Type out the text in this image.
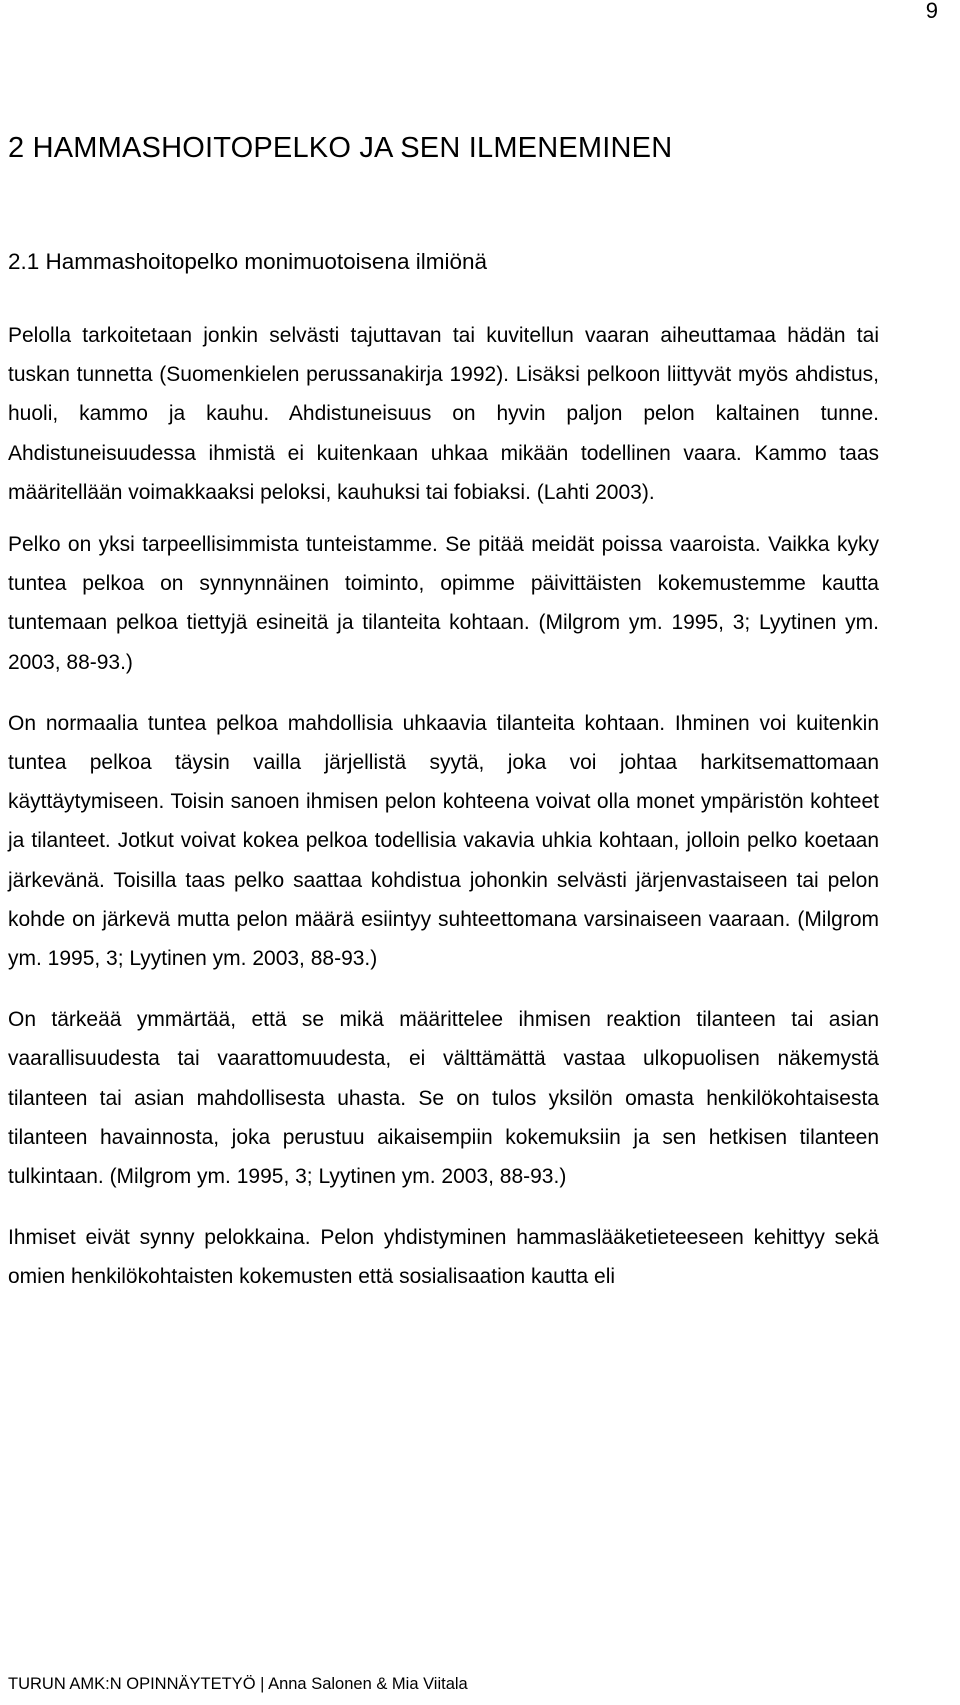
9
2 HAMMASHOITOPELKO JA SEN ILMENEMINEN
2.1 Hammashoitopelko monimuotoisena ilmiönä

Pelolla tarkoitetaan jonkin selvästi tajuttavan tai kuvitellun vaaran aiheuttamaa hädän tai tuskan tunnetta (Suomenkielen perussanakirja 1992). Lisäksi pelkoon liittyvät myös ahdistus, huoli, kammo ja kauhu. Ahdistuneisuus on hyvin paljon pelon kaltainen tunne. Ahdistuneisuudessa ihmistä ei kuitenkaan uhkaa mikään todellinen vaara. Kammo taas määritellään voimakkaaksi peloksi, kauhuksi tai fobiaksi. (Lahti 2003).

Pelko on yksi tarpeellisimmista tunteistamme. Se pitää meidät poissa vaaroista. Vaikka kyky tuntea pelkoa on synnynnäinen toiminto, opimme päivittäisten kokemustemme kautta tuntemaan pelkoa tiettyjä esineitä ja tilanteita kohtaan. (Milgrom ym. 1995, 3; Lyytinen ym. 2003, 88-93.)

On normaalia tuntea pelkoa mahdollisia uhkaavia tilanteita kohtaan. Ihminen voi kuitenkin tuntea pelkoa täysin vailla järjellistä syytä, joka voi johtaa harkitsemattomaan käyttäytymiseen. Toisin sanoen ihmisen pelon kohteena voivat olla monet ympäristön kohteet ja tilanteet. Jotkut voivat kokea pelkoa todellisia vakavia uhkia kohtaan, jolloin pelko koetaan järkevänä. Toisilla taas pelko saattaa kohdistua johonkin selvästi järjenvastaiseen tai pelon kohde on järkevä mutta pelon määrä esiintyy suhteettomana varsinaiseen vaaraan. (Milgrom ym. 1995, 3; Lyytinen ym. 2003, 88-93.)

On tärkeää ymmärtää, että se mikä määrittelee ihmisen reaktion tilanteen tai asian vaarallisuudesta tai vaarattomuudesta, ei välttämättä vastaa ulkopuolisen näkemystä tilanteen tai asian mahdollisesta uhasta. Se on tulos yksilön omasta henkilökohtaisesta tilanteen havainnosta, joka perustuu aikaisempiin kokemuksiin ja sen hetkisen tilanteen tulkintaan. (Milgrom ym. 1995, 3; Lyytinen ym. 2003, 88-93.)

Ihmiset eivät synny pelokkaina. Pelon yhdistyminen hammaslääketieteeseen kehittyy sekä omien henkilökohtaisten kokemusten että sosialisaation kautta eli

TURUN AMK:N OPINNÄYTETYÖ | Anna Salonen & Mia Viitala
